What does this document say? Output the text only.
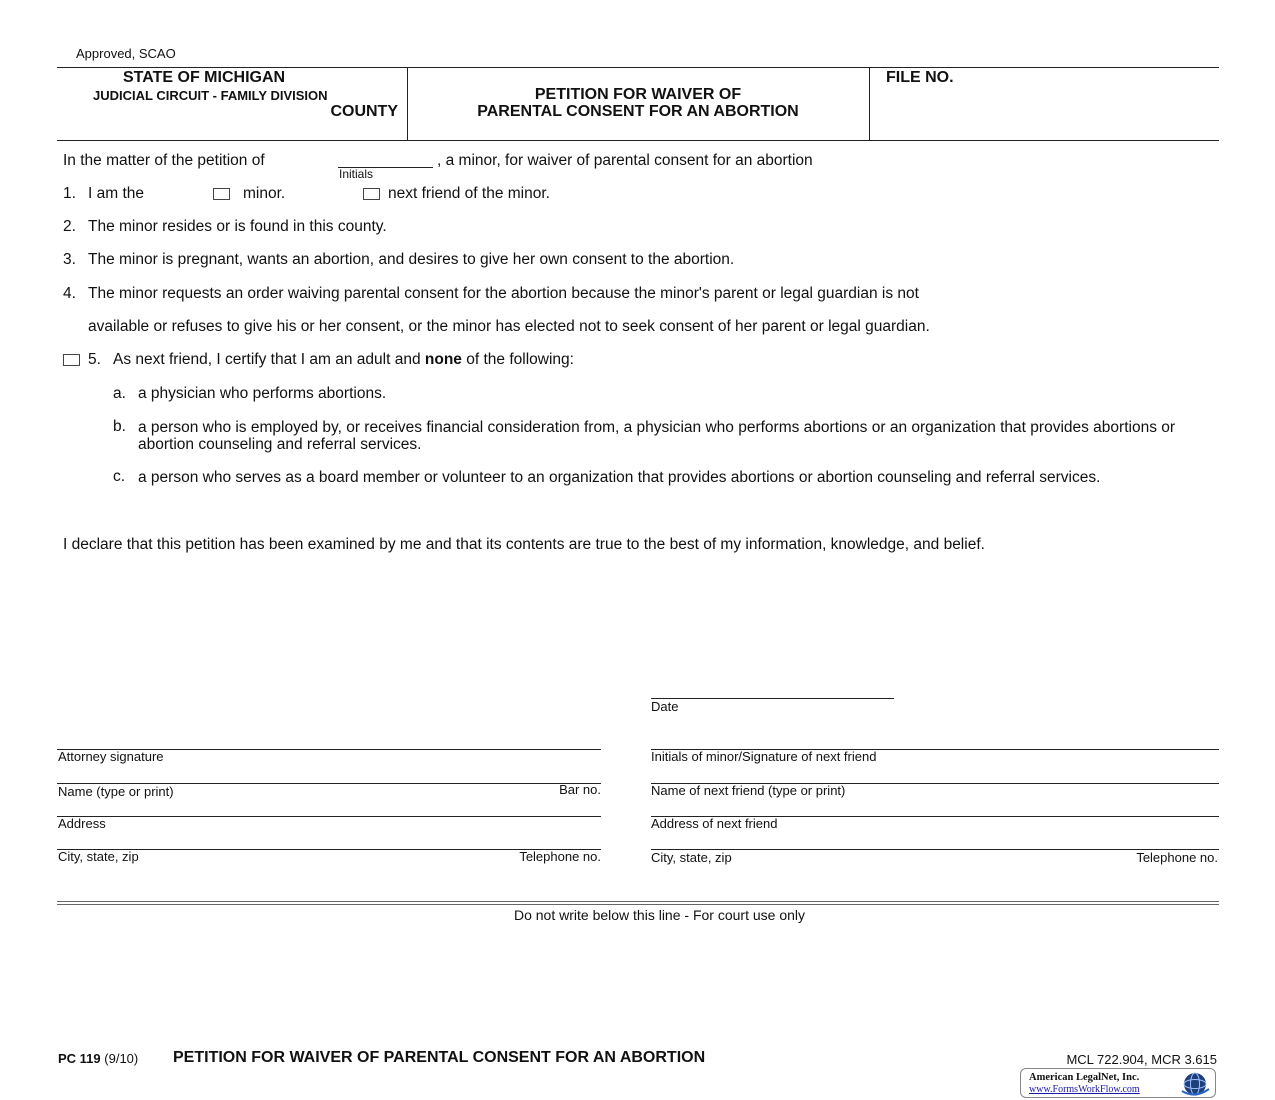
Approved, SCAO
STATE OF MICHIGAN
JUDICIAL CIRCUIT - FAMILY DIVISION
COUNTY
PETITION FOR WAIVER OF
PARENTAL CONSENT FOR AN ABORTION
FILE NO.
In the matter of the petition of
Initials
, a minor, for waiver of parental consent for an abortion
1. I am the	minor.	next friend of the minor.
2. The minor resides or is found in this county.
3. The minor is pregnant, wants an abortion, and desires to give her own consent to the abortion.
4. The minor requests an order waiving parental consent for the abortion because the minor's parent or legal guardian is not
available or refuses to give his or her consent, or the minor has elected not to seek consent of her parent or legal guardian.
5. As next friend, I certify that I am an adult and none of the following:
a. a physician who performs abortions.
b. a person who is employed by, or receives financial consideration from, a physician who performs abortions or an organization that provides abortions or abortion counseling and referral services.
c. a person who serves as a board member or volunteer to an organization that provides abortions or abortion counseling and referral services.
I declare that this petition has been examined by me and that its contents are true to the best of my information, knowledge, and belief.
Date
Attorney signature	Initials of minor/Signature of next friend
Name (type or print)	Bar no.	Name of next friend (type or print)
Address	Address of next friend
City, state, zip	Telephone no.	City, state, zip	Telephone no.
Do not write below this line - For court use only
PC 119 (9/10) PETITION FOR WAIVER OF PARENTAL CONSENT FOR AN ABORTION	MCL 722.904, MCR 3.615
American LegalNet, Inc.
www.FormsWorkFlow.com
